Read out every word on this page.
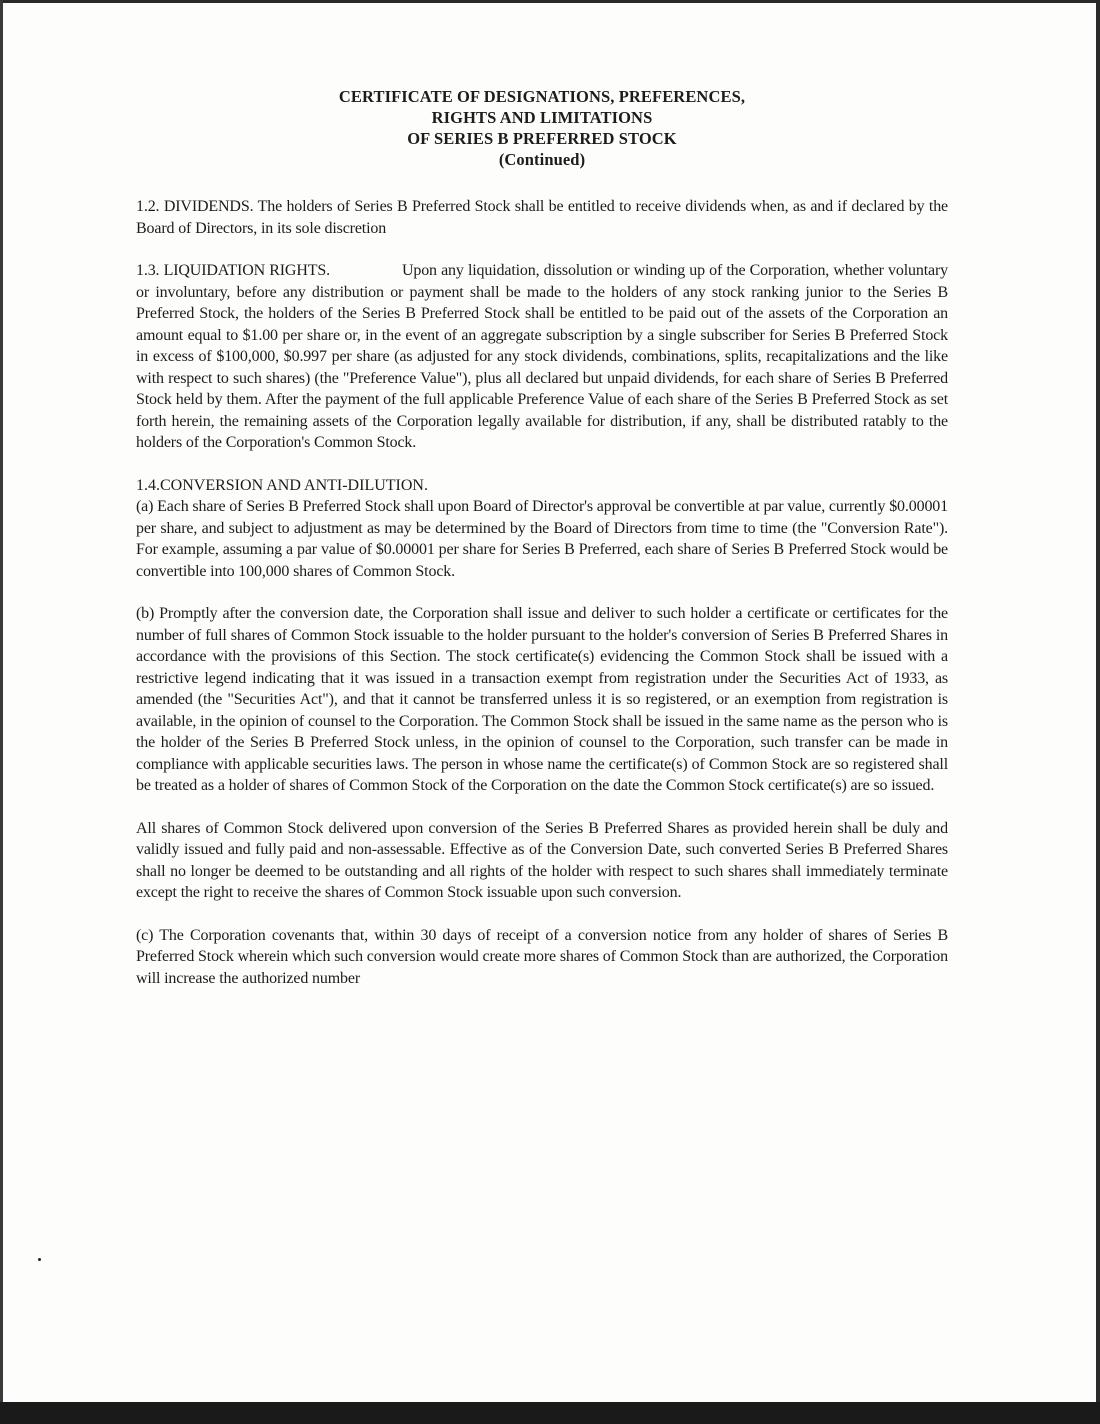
CERTIFICATE OF DESIGNATIONS, PREFERENCES,
RIGHTS AND LIMITATIONS
OF SERIES B PREFERRED STOCK
(Continued)

1.2. DIVIDENDS. The holders of Series B Preferred Stock shall be entitled to receive dividends when, as and if declared by the Board of Directors, in its sole discretion

1.3. LIQUIDATION RIGHTS.	Upon any liquidation, dissolution or winding up of the Corporation, whether voluntary or involuntary, before any distribution or payment shall be made to the holders of any stock ranking junior to the Series B Preferred Stock, the holders of the Series B Preferred Stock shall be entitled to be paid out of the assets of the Corporation an amount equal to $1.00 per share or, in the event of an aggregate subscription by a single subscriber for Series B Preferred Stock in excess of $100,000, $0.997 per share (as adjusted for any stock dividends, combinations, splits, recapitalizations and the like with respect to such shares) (the "Preference Value"), plus all declared but unpaid dividends, for each share of Series B Preferred Stock held by them. After the payment of the full applicable Preference Value of each share of the Series B Preferred Stock as set forth herein, the remaining assets of the Corporation legally available for distribution, if any, shall be distributed ratably to the holders of the Corporation's Common Stock.

1.4.CONVERSION AND ANTI-DILUTION.

(a) Each share of Series B Preferred Stock shall upon Board of Director's approval be convertible at par value, currently $0.00001 per share, and subject to adjustment as may be determined by the Board of Directors from time to time (the "Conversion Rate"). For example, assuming a par value of $0.00001 per share for Series B Preferred, each share of Series B Preferred Stock would be convertible into 100,000 shares of Common Stock.

(b) Promptly after the conversion date, the Corporation shall issue and deliver to such holder a certificate or certificates for the number of full shares of Common Stock issuable to the holder pursuant to the holder's conversion of Series B Preferred Shares in accordance with the provisions of this Section. The stock certificate(s) evidencing the Common Stock shall be issued with a restrictive legend indicating that it was issued in a transaction exempt from registration under the Securities Act of 1933, as amended (the "Securities Act"), and that it cannot be transferred unless it is so registered, or an exemption from registration is available, in the opinion of counsel to the Corporation. The Common Stock shall be issued in the same name as the person who is the holder of the Series B Preferred Stock unless, in the opinion of counsel to the Corporation, such transfer can be made in compliance with applicable securities laws. The person in whose name the certificate(s) of Common Stock are so registered shall be treated as a holder of shares of Common Stock of the Corporation on the date the Common Stock certificate(s) are so issued.

All shares of Common Stock delivered upon conversion of the Series B Preferred Shares as provided herein shall be duly and validly issued and fully paid and non-assessable. Effective as of the Conversion Date, such converted Series B Preferred Shares shall no longer be deemed to be outstanding and all rights of the holder with respect to such shares shall immediately terminate except the right to receive the shares of Common Stock issuable upon such conversion.

(c) The Corporation covenants that, within 30 days of receipt of a conversion notice from any holder of shares of Series B Preferred Stock wherein which such conversion would create more shares of Common Stock than are authorized, the Corporation will increase the authorized number
